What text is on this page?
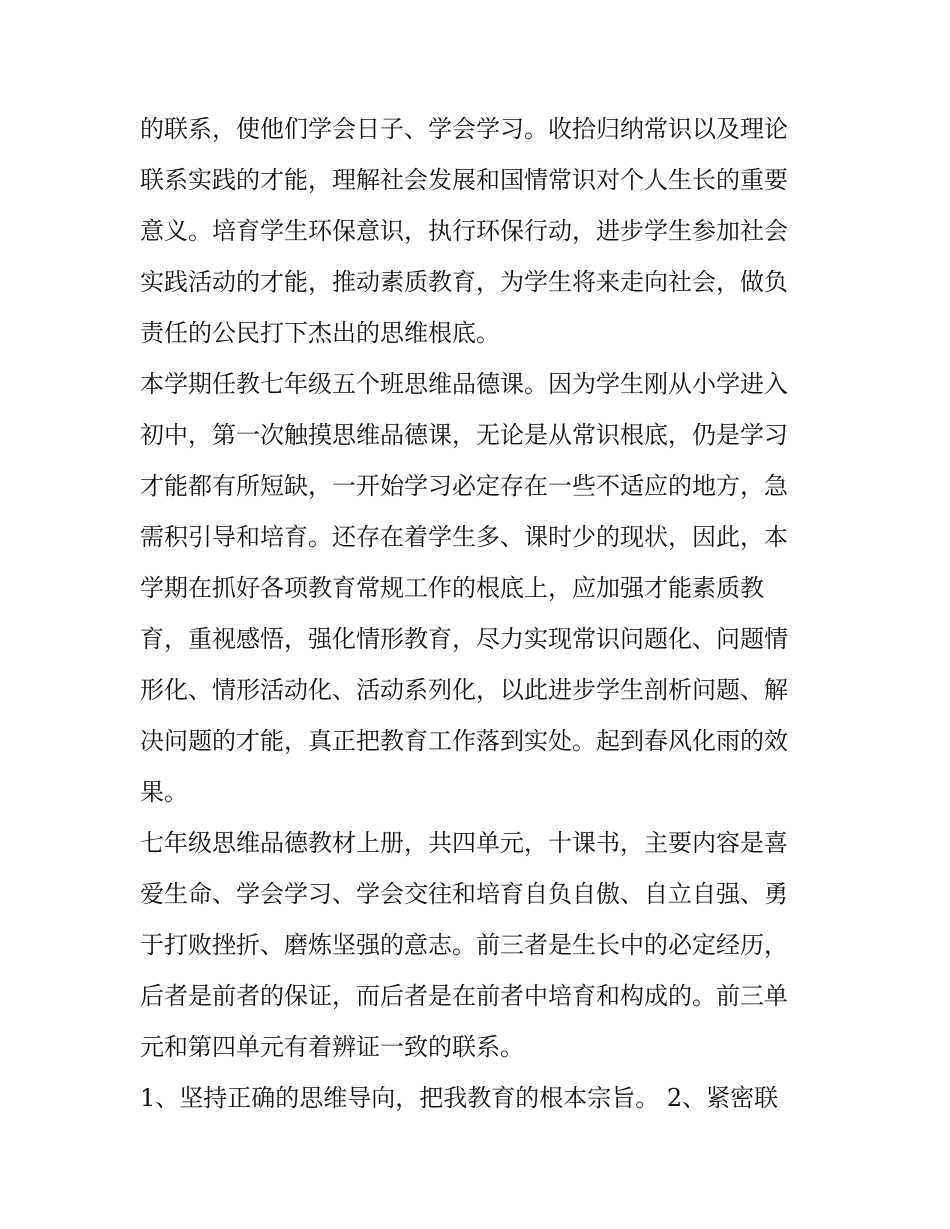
的联系，使他们学会日子、学会学习。收拾归纳常识以及理论
联系实践的才能，理解社会发展和国情常识对个人生长的重要
意义。培育学生环保意识，执行环保行动，进步学生参加社会
实践活动的才能，推动素质教育，为学生将来走向社会，做负
责任的公民打下杰出的思维根底。
本学期任教七年级五个班思维品德课。因为学生刚从小学进入
初中，第一次触摸思维品德课，无论是从常识根底，仍是学习
才能都有所短缺，一开始学习必定存在一些不适应的地方，急
需积引导和培育。还存在着学生多、课时少的现状，因此，本
学期在抓好各项教育常规工作的根底上，应加强才能素质教
育，重视感悟，强化情形教育，尽力实现常识问题化、问题情
形化、情形活动化、活动系列化，以此进步学生剖析问题、解
决问题的才能，真正把教育工作落到实处。起到春风化雨的效
果。
七年级思维品德教材上册，共四单元，十课书，主要内容是喜
爱生命、学会学习、学会交往和培育自负自傲、自立自强、勇
于打败挫折、磨炼坚强的意志。前三者是生长中的必定经历，
后者是前者的保证，而后者是在前者中培育和构成的。前三单
元和第四单元有着辨证一致的联系。
1、坚持正确的思维导向，把我教育的根本宗旨。 2、紧密联
